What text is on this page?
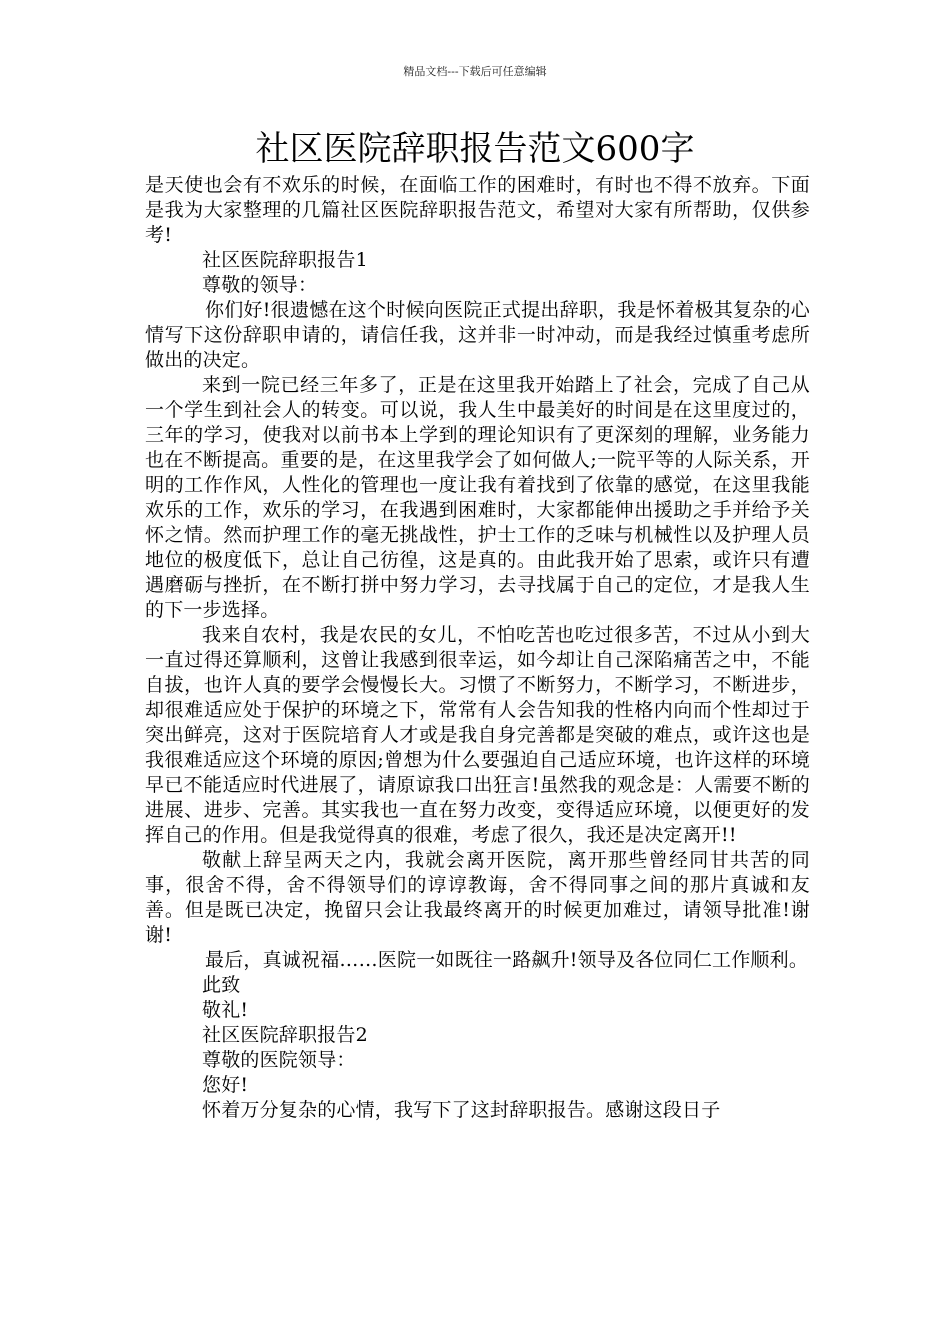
精品文档---下载后可任意编辑
社区医院辞职报告范文600字

是天使也会有不欢乐的时候，在面临工作的困难时，有时也不得不放弃。下面是我为大家整理的几篇社区医院辞职报告范文，希望对大家有所帮助，仅供参考!

社区医院辞职报告1

尊敬的领导：

你们好!很遗憾在这个时候向医院正式提出辞职，我是怀着极其复杂的心情写下这份辞职申请的，请信任我，这并非一时冲动，而是我经过慎重考虑所做出的决定。

来到一院已经三年多了，正是在这里我开始踏上了社会，完成了自己从一个学生到社会人的转变。可以说，我人生中最美好的时间是在这里度过的，三年的学习，使我对以前书本上学到的理论知识有了更深刻的理解，业务能力也在不断提高。重要的是，在这里我学会了如何做人;一院平等的人际关系，开明的工作作风，人性化的管理也一度让我有着找到了依靠的感觉，在这里我能欢乐的工作，欢乐的学习，在我遇到困难时，大家都能伸出援助之手并给予关怀之情。然而护理工作的毫无挑战性，护士工作的乏味与机械性以及护理人员地位的极度低下，总让自己彷徨，这是真的。由此我开始了思索，或许只有遭遇磨砺与挫折，在不断打拼中努力学习，去寻找属于自己的定位，才是我人生的下一步选择。

我来自农村，我是农民的女儿，不怕吃苦也吃过很多苦，不过从小到大一直过得还算顺利，这曾让我感到很幸运，如今却让自己深陷痛苦之中，不能自拔，也许人真的要学会慢慢长大。习惯了不断努力，不断学习，不断进步，却很难适应处于保护的环境之下，常常有人会告知我的性格内向而个性却过于突出鲜亮，这对于医院培育人才或是我自身完善都是突破的难点，或许这也是我很难适应这个环境的原因;曾想为什么要强迫自己适应环境，也许这样的环境早已不能适应时代进展了，请原谅我口出狂言!虽然我的观念是：人需要不断的进展、进步、完善。其实我也一直在努力改变，变得适应环境，以便更好的发挥自己的作用。但是我觉得真的很难，考虑了很久，我还是决定离开!!

敬献上辞呈两天之内，我就会离开医院，离开那些曾经同甘共苦的同事，很舍不得，舍不得领导们的谆谆教诲，舍不得同事之间的那片真诚和友善。但是既已决定，挽留只会让我最终离开的时候更加难过，请领导批准!谢谢!

最后，真诚祝福……医院一如既往一路飙升!领导及各位同仁工作顺利。

此致

敬礼!

社区医院辞职报告2

尊敬的医院领导：

您好!

怀着万分复杂的心情，我写下了这封辞职报告。感谢这段日子
